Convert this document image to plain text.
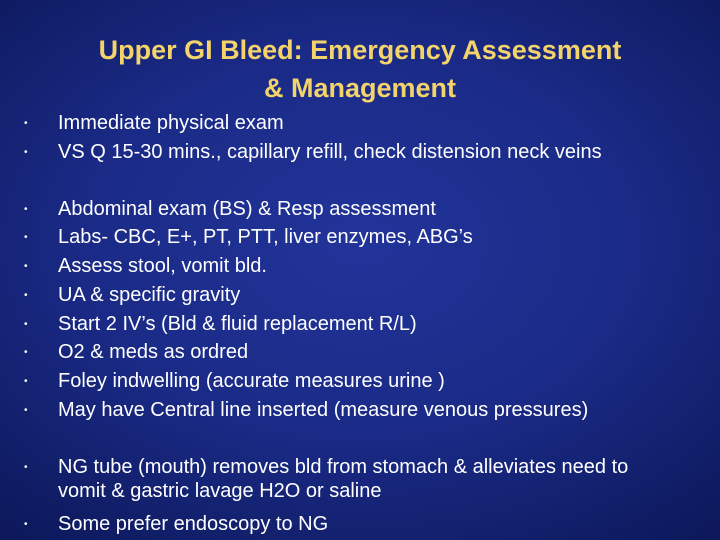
Upper GI Bleed: Emergency Assessment
& Management
•	Immediate physical exam
•	VS Q 15-30 mins., capillary refill, check distension neck veins
•	Abdominal exam (BS) & Resp assessment
•	Labs- CBC, E+, PT, PTT, liver enzymes, ABG’s
•	Assess stool, vomit bld.
•	UA & specific gravity
•	Start 2 IV’s (Bld & fluid replacement R/L)
•	O2 & meds as ordred
•	Foley indwelling (accurate measures urine )
•	May have Central line inserted (measure venous pressures)
•	NG tube (mouth) removes bld from stomach & alleviates need to vomit & gastric lavage H2O or saline
•	Some prefer endoscopy to NG
